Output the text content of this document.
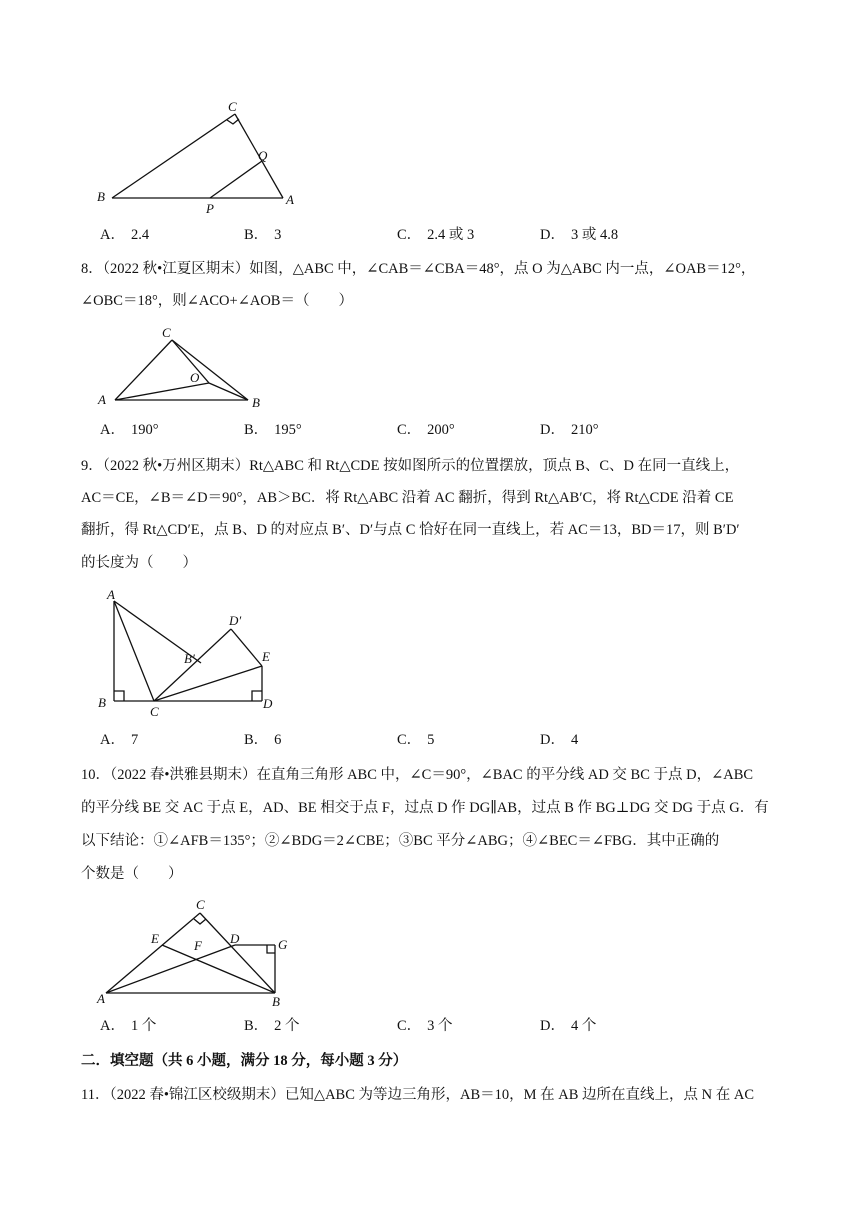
C
Q
B
P
A
A． 2.4	B． 3	C． 2.4 或 3	D． 3 或 4.8
8．（2022 秋•江夏区期末）如图，△ABC 中，∠CAB＝∠CBA＝48°，点 O 为△ABC 内一点，∠OAB＝12°，
∠OBC＝18°，则∠ACO+∠AOB＝（　　）
C
O
A	B
A． 190°	B． 195°	C． 200°	D． 210°
9．（2022 秋•万州区期末）Rt△ABC 和 Rt△CDE 按如图所示的位置摆放，顶点 B、C、D 在同一直线上，
AC＝CE，∠B＝∠D＝90°，AB＞BC．将 Rt△ABC 沿着 AC 翻折，得到 Rt△AB′C，将 Rt△CDE 沿着 CE
翻折，得 Rt△CD′E，点 B、D 的对应点 B′、D′与点 C 恰好在同一直线上，若 AC＝13，BD＝17，则 B′D′
的长度为（　　）
A
D′
B′	E
B
C
D
A． 7	B． 6	C． 5	D． 4
10．（2022 春•洪雅县期末）在直角三角形 ABC 中，∠C＝90°，∠BAC 的平分线 AD 交 BC 于点 D，∠ABC
的平分线 BE 交 AC 于点 E，AD、BE 相交于点 F，过点 D 作 DG∥AB，过点 B 作 BG⊥DG 交 DG 于点 G．有
以下结论：①∠AFB＝135°；②∠BDG＝2∠CBE；③BC 平分∠ABG；④∠BEC＝∠FBG．其中正确的
个数是（　　）
C
E	F D	G
A	B
A． 1 个	B． 2 个	C． 3 个	D． 4 个
二．填空题（共 6 小题，满分 18 分，每小题 3 分）
11．（2022 春•锦江区校级期末）已知△ABC 为等边三角形，AB＝10，M 在 AB 边所在直线上，点 N 在 AC
